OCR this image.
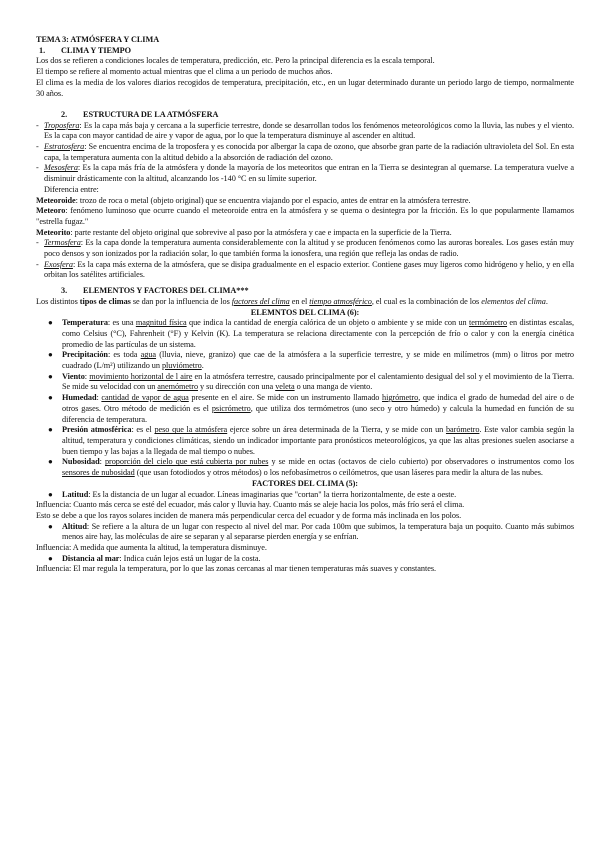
TEMA 3: ATMÓSFERA Y CLIMA

1. CLIMA Y TIEMPO

Los dos se refieren a condiciones locales de temperatura, predicción, etc. Pero la principal diferencia es la escala temporal.

El tiempo se refiere al momento actual mientras que el clima a un periodo de muchos años.

El clima es la media de los valores diarios recogidos de temperatura, precipitación, etc., en un lugar determinado durante un periodo largo de tiempo, normalmente 30 años.

2. ESTRUCTURA DE LA ATMÓSFERA

- Troposfera: Es la capa más baja y cercana a la superficie terrestre, donde se desarrollan todos los fenómenos meteorológicos como la lluvia, las nubes y el viento. Es la capa con mayor cantidad de aire y vapor de agua, por lo que la temperatura disminuye al ascender en altitud.

- Estratosfera: Se encuentra encima de la troposfera y es conocida por albergar la capa de ozono, que absorbe gran parte de la radiación ultravioleta del Sol. En esta capa, la temperatura aumenta con la altitud debido a la absorción de radiación del ozono.

- Mesosfera: Es la capa más fría de la atmósfera y donde la mayoría de los meteoritos que entran en la Tierra se desintegran al quemarse. La temperatura vuelve a disminuir drásticamente con la altitud, alcanzando los -140 °C en su límite superior.

Diferencia entre:

Meteoroide: trozo de roca o metal (objeto original) que se encuentra viajando por el espacio, antes de entrar en la atmósfera terrestre.

Meteoro: fenómeno luminoso que ocurre cuando el meteoroide entra en la atmósfera y se quema o desintegra por la fricción. Es lo que popularmente llamamos "estrella fugaz."

Meteorito: parte restante del objeto original que sobrevive al paso por la atmósfera y cae e impacta en la superficie de la Tierra.

- Termosfera: Es la capa donde la temperatura aumenta considerablemente con la altitud y se producen fenómenos como las auroras boreales. Los gases están muy poco densos y son ionizados por la radiación solar, lo que también forma la ionosfera, una región que refleja las ondas de radio.

- Exosfera: Es la capa más externa de la atmósfera, que se disipa gradualmente en el espacio exterior. Contiene gases muy ligeros como hidrógeno y helio, y en ella orbitan los satélites artificiales.

3. ELEMENTOS Y FACTORES DEL CLIMA***

Los distintos tipos de climas se dan por la influencia de los factores del clima en el tiempo atmosférico, el cual es la combinación de los elementos del clima.

ELEMNTOS DEL CLIMA (6):

● Temperatura: es una magnitud física que indica la cantidad de energía calórica de un objeto o ambiente y se mide con un termómetro en distintas escalas, como Celsius (°C), Fahrenheit (°F) y Kelvin (K). La temperatura se relaciona directamente con la percepción de frío o calor y con la energía cinética promedio de las partículas de un sistema.

● Precipitación: es toda agua (lluvia, nieve, granizo) que cae de la atmósfera a la superficie terrestre, y se mide en milímetros (mm) o litros por metro cuadrado (L/m²) utilizando un pluviómetro.

● Viento: movimiento horizontal de l aire en la atmósfera terrestre, causado principalmente por el calentamiento desigual del sol y el movimiento de la Tierra. Se mide su velocidad con un anemómetro y su dirección con una veleta o una manga de viento.

● Humedad: cantidad de vapor de agua presente en el aire. Se mide con un instrumento llamado higrómetro, que indica el grado de humedad del aire o de otros gases. Otro método de medición es el psicrómetro, que utiliza dos termómetros (uno seco y otro húmedo) y calcula la humedad en función de su diferencia de temperatura.

● Presión atmosférica: es el peso que la atmósfera ejerce sobre un área determinada de la Tierra, y se mide con un barómetro. Este valor cambia según la altitud, temperatura y condiciones climáticas, siendo un indicador importante para pronósticos meteorológicos, ya que las altas presiones suelen asociarse a buen tiempo y las bajas a la llegada de mal tiempo o nubes.

● Nubosidad: proporción del cielo que está cubierta por nubes y se mide en octas (octavos de cielo cubierto) por observadores o instrumentos como los sensores de nubosidad (que usan fotodiodos y otros métodos) o los nefobasímetros o ceilómetros, que usan láseres para medir la altura de las nubes.

FACTORES DEL CLIMA (5):

● Latitud: Es la distancia de un lugar al ecuador. Líneas imaginarias que "cortan" la tierra horizontalmente, de este a oeste.

Influencia: Cuanto más cerca se esté del ecuador, más calor y lluvia hay. Cuanto más se aleje hacia los polos, más frío será el clima.

Esto se debe a que los rayos solares inciden de manera más perpendicular cerca del ecuador y de forma más inclinada en los polos.

● Altitud: Se refiere a la altura de un lugar con respecto al nivel del mar. Por cada 100m que subimos, la temperatura baja un poquito. Cuanto más subimos menos aire hay, las moléculas de aire se separan y al separarse pierden energía y se enfrían.

Influencia: A medida que aumenta la altitud, la temperatura disminuye.

● Distancia al mar: Indica cuán lejos está un lugar de la costa.

Influencia: El mar regula la temperatura, por lo que las zonas cercanas al mar tienen temperaturas más suaves y constantes.
